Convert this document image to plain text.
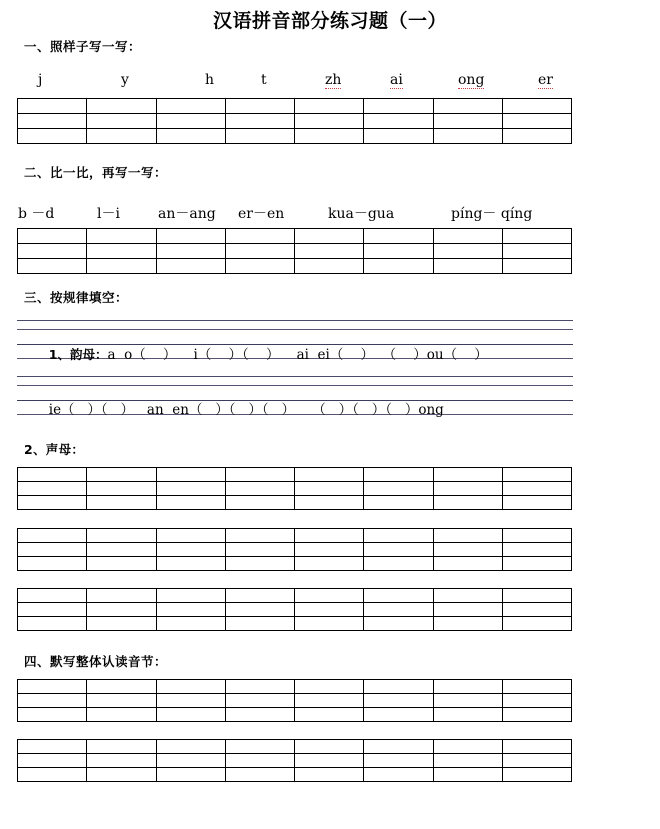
汉语拼音部分练习题（一）
一、照样子写一写：
j	y	h	t	zh	ai	ong	er

二、比一比，再写一写：
b －d	l－i	an－ang er－en	kua－gua	píng－ qíng

三、按规律填空：

1、韵母：a  o（    ）    i（    ）（    ）    ai  ei（    ）  （    ）ou（    ）

ie（   ）（   ）   an  en（   ）（   ）（   ）    （   ）（   ）（   ）ong

2、声母：

四、默写整体认读音节：
